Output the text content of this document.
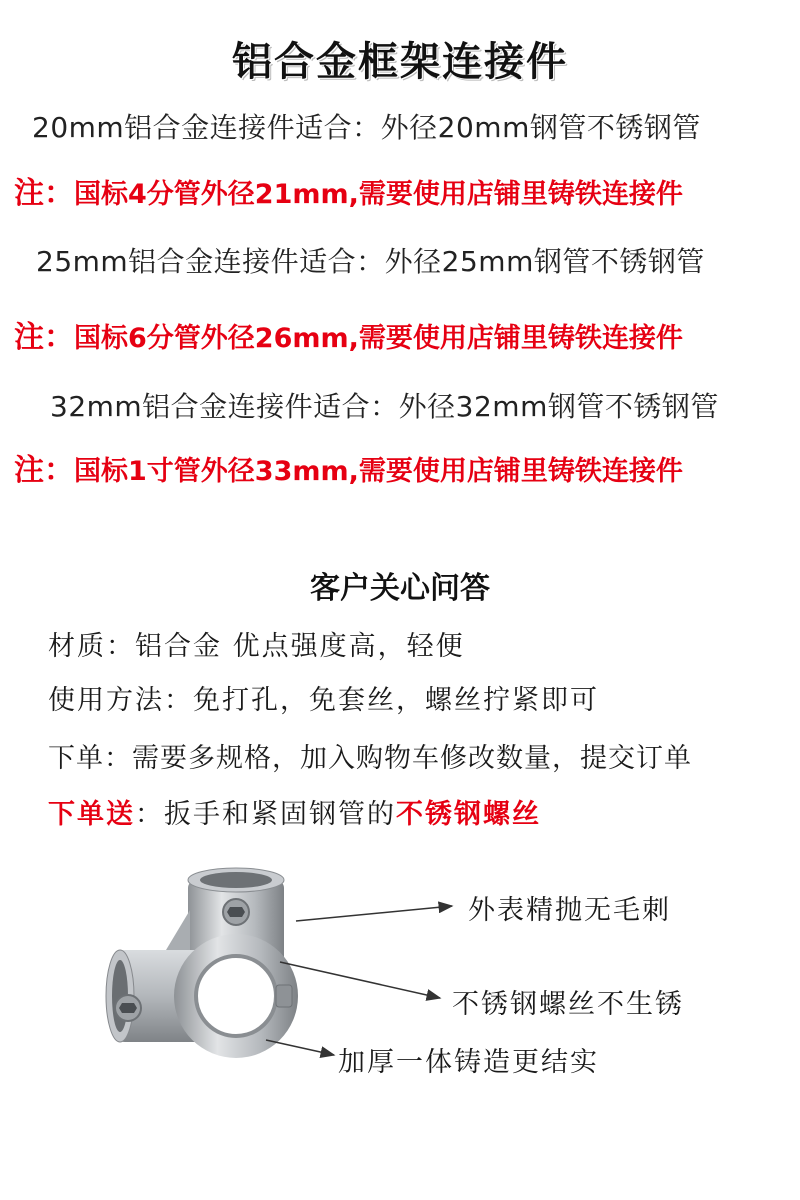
铝合金框架连接件
20mm铝合金连接件适合：外径20mm钢管不锈钢管
注：国标4分管外径21mm,需要使用店铺里铸铁连接件
25mm铝合金连接件适合：外径25mm钢管不锈钢管
注：国标6分管外径26mm,需要使用店铺里铸铁连接件
32mm铝合金连接件适合：外径32mm钢管不锈钢管
注：国标1寸管外径33mm,需要使用店铺里铸铁连接件
客户关心问答
材质：铝合金 优点强度高，轻便
使用方法：免打孔，免套丝，螺丝拧紧即可
下单：需要多规格，加入购物车修改数量，提交订单
下单送：扳手和紧固钢管的不锈钢螺丝
外表精抛无毛刺
不锈钢螺丝不生锈
加厚一体铸造更结实
